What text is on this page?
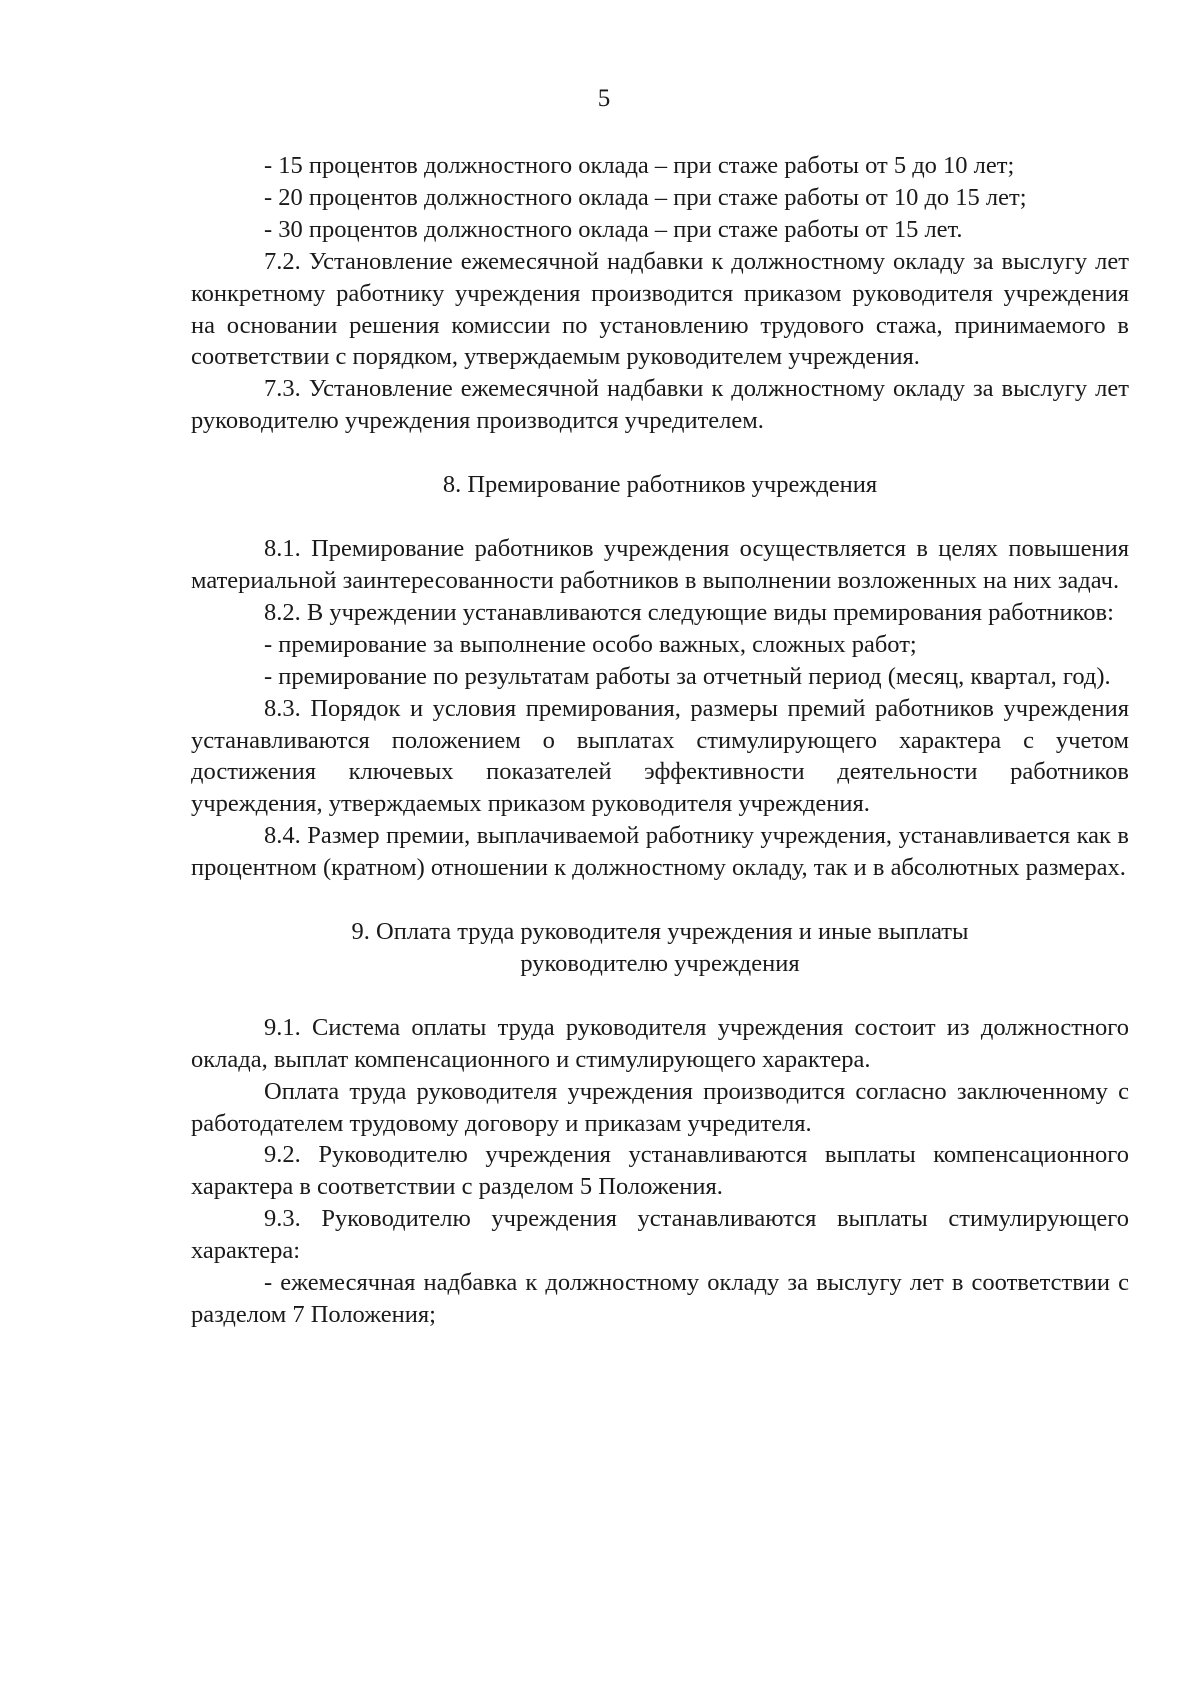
5

- 15 процентов должностного оклада – при стаже работы от 5 до 10 лет;

- 20 процентов должностного оклада – при стаже работы от 10 до 15 лет;

- 30 процентов должностного оклада – при стаже работы от 15 лет.

7.2. Установление ежемесячной надбавки к должностному окладу за выслугу лет конкретному работнику учреждения производится приказом руководителя учреждения на основании решения комиссии по установлению трудового стажа, принимаемого в соответствии с порядком, утверждаемым руководителем учреждения.

7.3. Установление ежемесячной надбавки к должностному окладу за выслугу лет руководителю учреждения производится учредителем.

8. Премирование работников учреждения

8.1. Премирование работников учреждения осуществляется в целях повышения материальной заинтересованности работников в выполнении возложенных на них задач.

8.2. В учреждении устанавливаются следующие виды премирования работников:

- премирование за выполнение особо важных, сложных работ;

- премирование по результатам работы за отчетный период (месяц, квартал, год).

8.3. Порядок и условия премирования, размеры премий работников учреждения устанавливаются положением о выплатах стимулирующего характера с учетом достижения ключевых показателей эффективности деятельности работников учреждения, утверждаемых приказом руководителя учреждения.

8.4. Размер премии, выплачиваемой работнику учреждения, устанавливается как в процентном (кратном) отношении к должностному окладу, так и в абсолютных размерах.

9. Оплата труда руководителя учреждения и иные выплаты

руководителю учреждения

9.1. Система оплаты труда руководителя учреждения состоит из должностного оклада, выплат компенсационного и стимулирующего характера.

Оплата труда руководителя учреждения производится согласно заключенному с работодателем трудовому договору и приказам учредителя.

9.2. Руководителю учреждения устанавливаются выплаты компенсационного характера в соответствии с разделом 5 Положения.

9.3. Руководителю учреждения устанавливаются выплаты стимулирующего характера:

- ежемесячная надбавка к должностному окладу за выслугу лет в соответствии с разделом 7 Положения;
